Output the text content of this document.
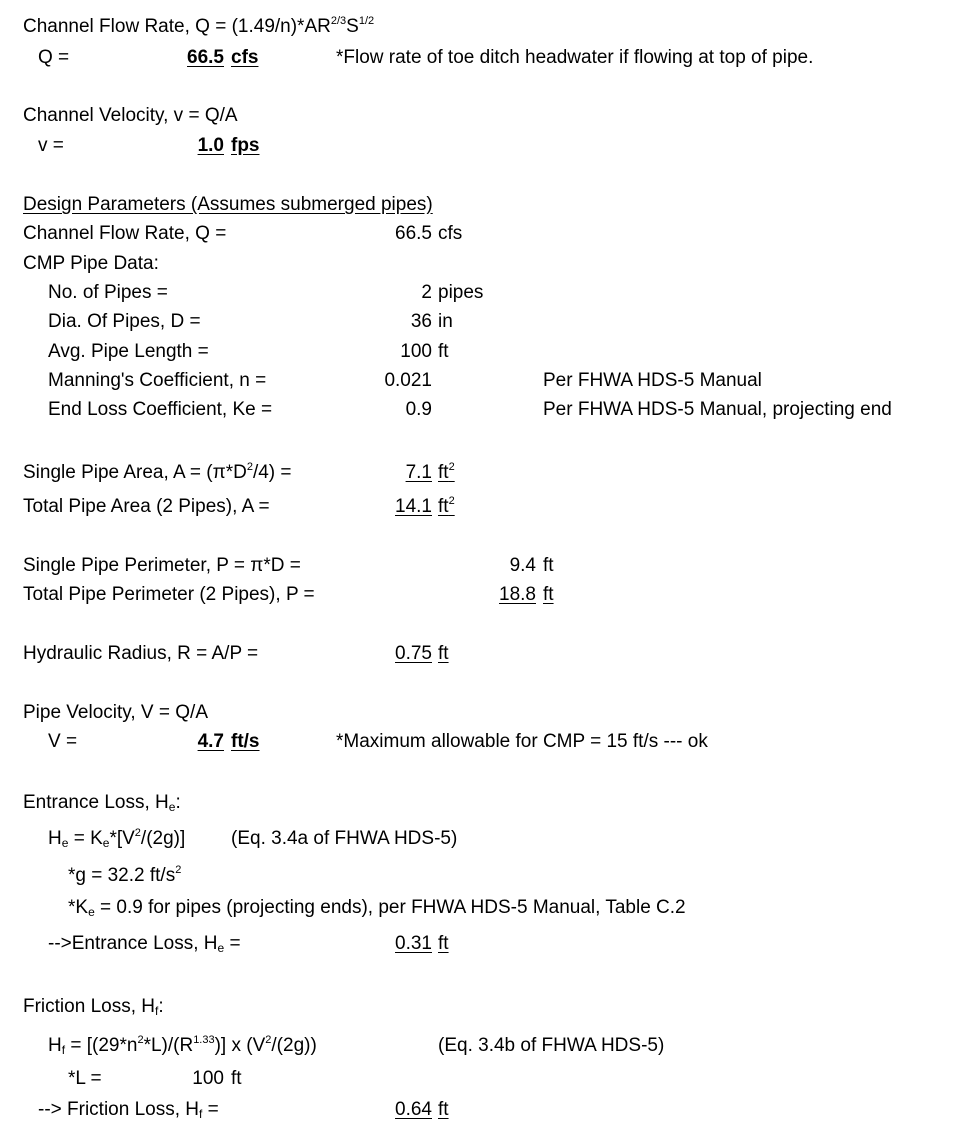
Channel Flow Rate, $Q = (1.49/n)*AR^{2/3}S^{1/2}$
Q =	66.5 cfs	*Flow rate of toe ditch headwater if flowing at top of pipe.
Channel Velocity, v = Q/A
v =	1.0 fps
Design Parameters (Assumes submerged pipes)
Channel Flow Rate, Q =	66.5 cfs
CMP Pipe Data:
No. of Pipes =	2 pipes
Dia. Of Pipes, D =	36 in
Avg. Pipe Length =	100 ft
Manning's Coefficient, n =	0.021	Per FHWA HDS-5 Manual
End Loss Coefficient, Ke =	0.9	Per FHWA HDS-5 Manual, projecting end
Single Pipe Area, $A = (\pi*D^2/4)$ =	7.1 $ft^2$
Total Pipe Area (2 Pipes), A =	14.1 $ft^2$
Single Pipe Perimeter, P = π*D =	9.4 ft
Total Pipe Perimeter (2 Pipes), P =	18.8 ft
Hydraulic Radius, R = A/P =	0.75 ft
Pipe Velocity, V = Q/A
V =	4.7 ft/s	*Maximum allowable for CMP = 15 ft/s --- ok
Entrance Loss, $H_e$:
$H_e = K_e*[V^2/(2g)]$ (Eq. 3.4a of FHWA HDS-5)
*g = 32.2 $ft/s^2$
$*K_e = 0.9$ for pipes (projecting ends), per FHWA HDS-5 Manual, Table C.2
-->Entrance Loss, $H_e$ =	0.31 ft
Friction Loss, $H_f$:
$H_f = [(29*n^2*L)/(R^{1.33})]$ x $(V^2/(2g))$	(Eq. 3.4b of FHWA HDS-5)
*L =	100 ft
--> Friction Loss, $H_f$ =	0.64 ft
